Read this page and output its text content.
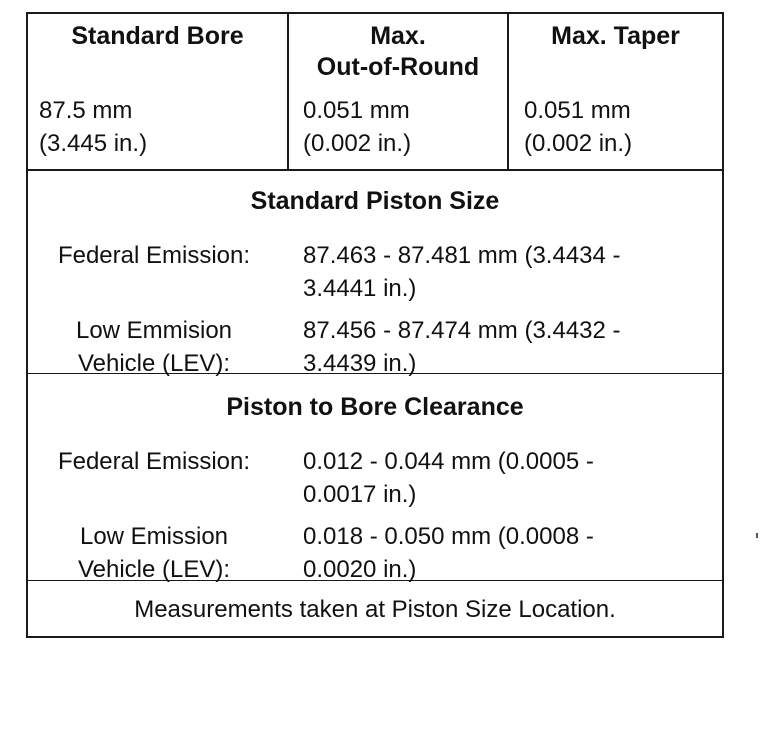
Standard Bore
87.5 mm
(3.445 in.)
Max.
Out-of-Round
0.051 mm
(0.002 in.)
Max. Taper
0.051 mm
(0.002 in.)
Standard Piston Size
Federal Emission:	87.463 - 87.481 mm (3.4434 -
3.4441 in.)
Low Emmision
Vehicle (LEV):
87.456 - 87.474 mm (3.4432 -
3.4439 in.)
Piston to Bore Clearance
Federal Emission:	0.012 - 0.044 mm (0.0005 -
0.0017 in.)
Low Emission
Vehicle (LEV):
0.018 - 0.050 mm (0.0008 -
0.0020 in.)
Measurements taken at Piston Size Location.
